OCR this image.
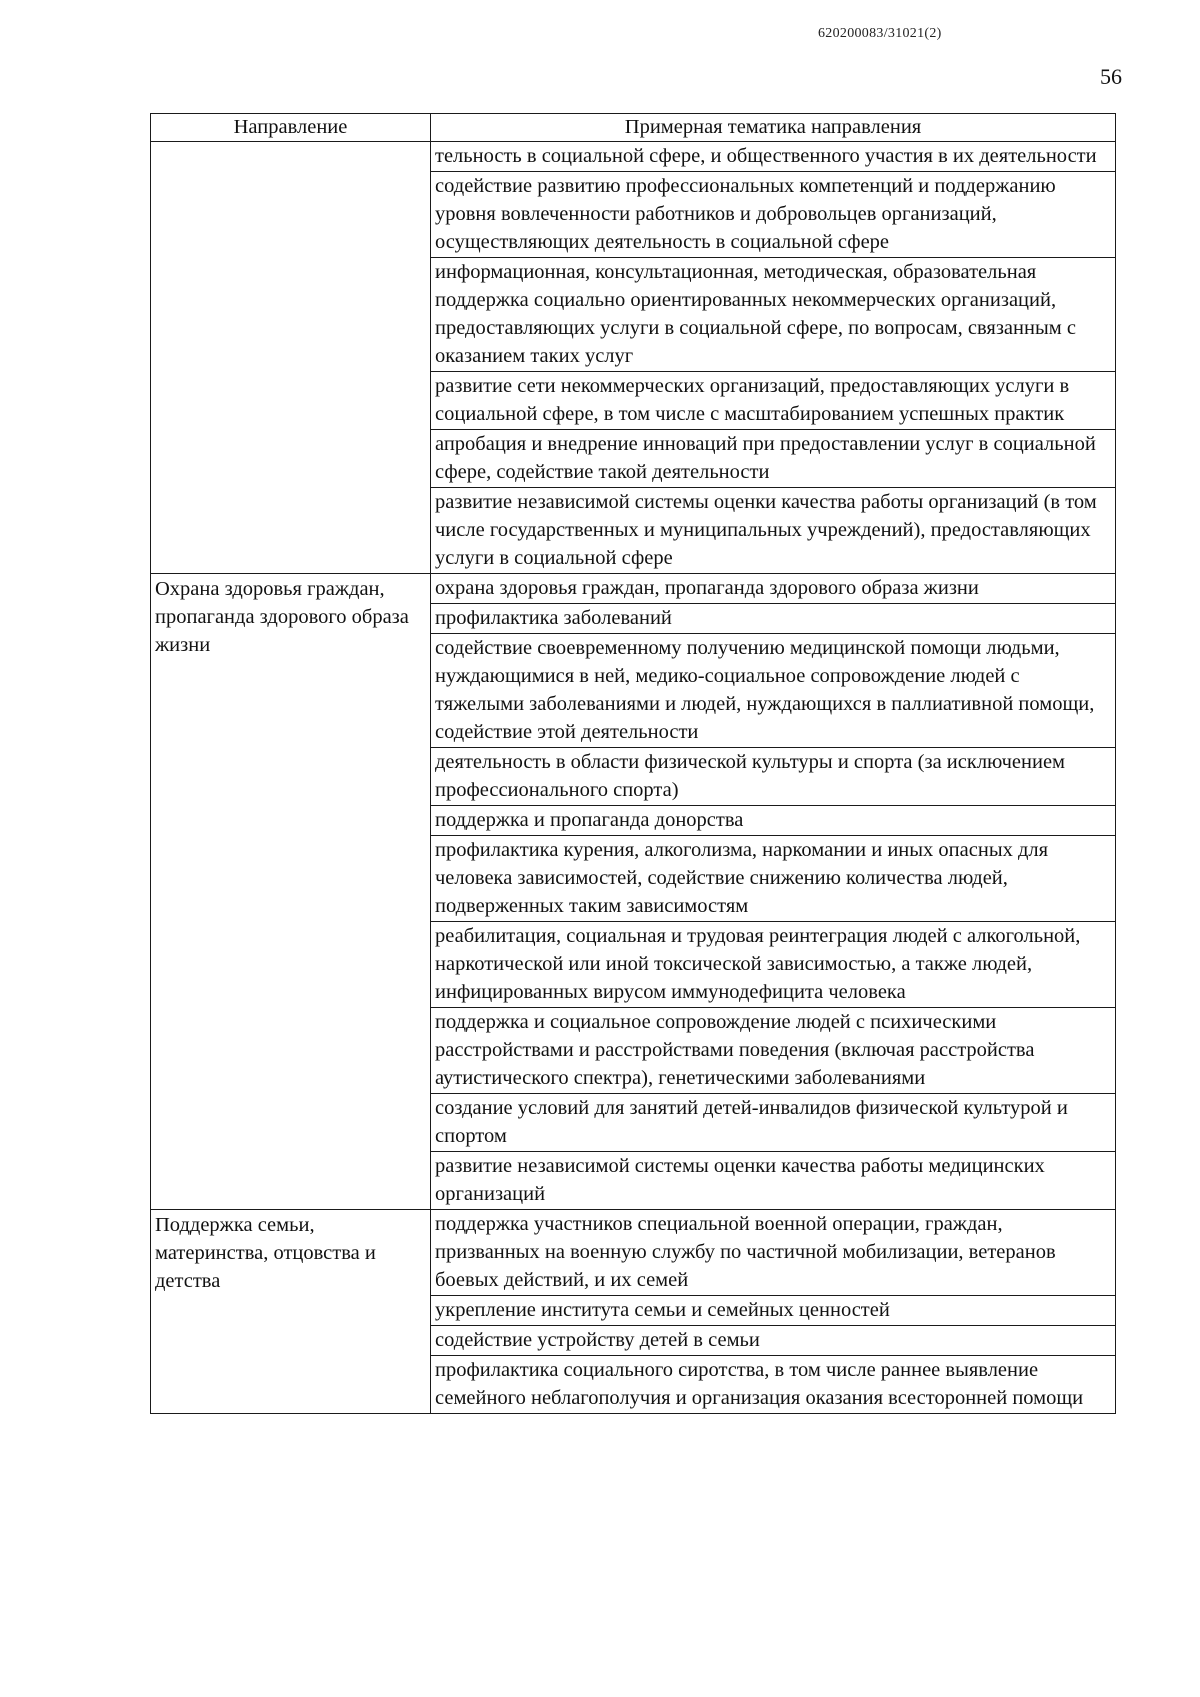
620200083/31021(2)
56
Направление	Примерная тематика направления
	тельность в социальной сфере, и общественного участия в их деятельности
	содействие развитию профессиональных компетенций и поддержанию уровня вовлеченности работников и добровольцев организаций, осуществляющих деятельность в социальной сфере
	информационная, консультационная, методическая, образовательная поддержка социально ориентированных некоммерческих организаций, предоставляющих услуги в социальной сфере, по вопросам, связанным с оказанием таких услуг
	развитие сети некоммерческих организаций, предоставляющих услуги в социальной сфере, в том числе с масштабированием успешных практик
	апробация и внедрение инноваций при предоставлении услуг в социальной сфере, содействие такой деятельности
	развитие независимой системы оценки качества работы организаций (в том числе государственных и муниципальных учреждений), предоставляющих услуги в социальной сфере
Охрана здоровья граждан, пропаганда здорового образа жизни	охрана здоровья граждан, пропаганда здорового образа жизни
	профилактика заболеваний
	содействие своевременному получению медицинской помощи людьми, нуждающимися в ней, медико-социальное сопровождение людей с тяжелыми заболеваниями и людей, нуждающихся в паллиативной помощи, содействие этой деятельности
	деятельность в области физической культуры и спорта (за исключением профессионального спорта)
	поддержка и пропаганда донорства
	профилактика курения, алкоголизма, наркомании и иных опасных для человека зависимостей, содействие снижению количества людей, подверженных таким зависимостям
	реабилитация, социальная и трудовая реинтеграция людей с алкогольной, наркотической или иной токсической зависимостью, а также людей, инфицированных вирусом иммунодефицита человека
	поддержка и социальное сопровождение людей с психическими расстройствами и расстройствами поведения (включая расстройства аутистического спектра), генетическими заболеваниями
	создание условий для занятий детей-инвалидов физической культурой и спортом
	развитие независимой системы оценки качества работы медицинских организаций
Поддержка семьи, материнства, отцовства и детства	поддержка участников специальной военной операции, граждан, призванных на военную службу по частичной мобилизации, ветеранов боевых действий, и их семей
	укрепление института семьи и семейных ценностей
	содействие устройству детей в семьи
	профилактика социального сиротства, в том числе раннее выявление семейного неблагополучия и организация оказания всесторонней помощи
